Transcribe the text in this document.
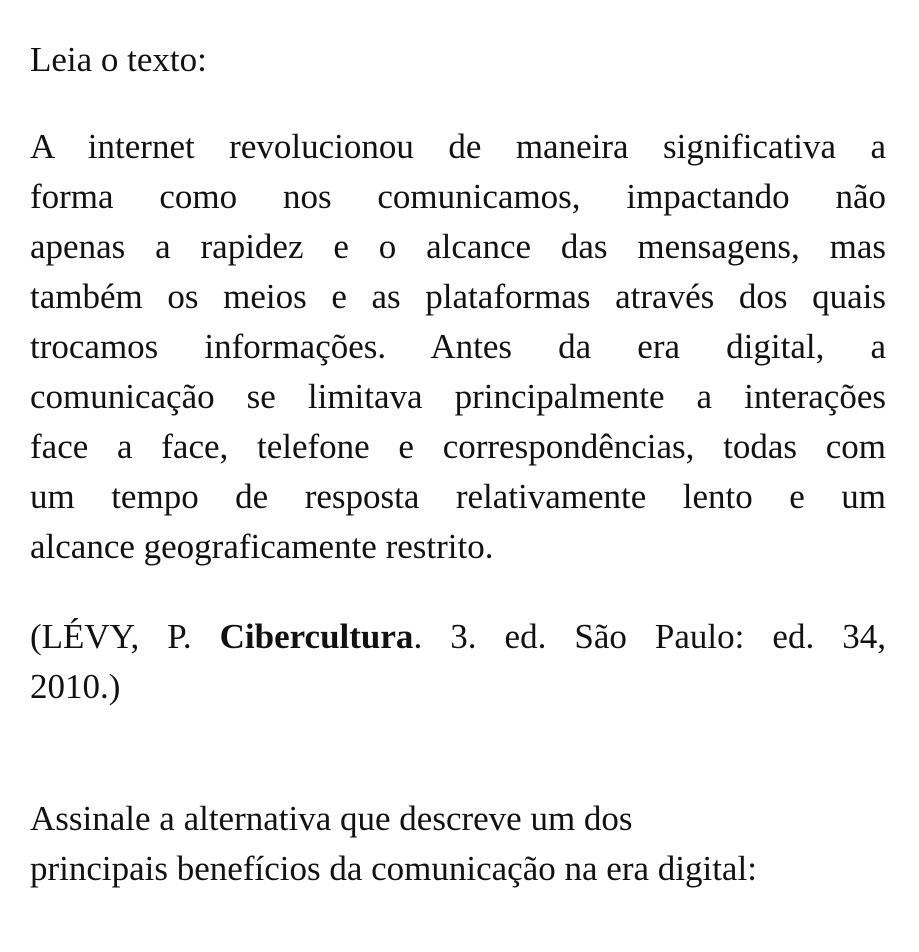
Leia o texto:

A internet revolucionou de maneira significativa a
forma como nos comunicamos, impactando não
apenas a rapidez e o alcance das mensagens, mas
também os meios e as plataformas através dos quais
trocamos informações. Antes da era digital, a
comunicação se limitava principalmente a interações
face a face, telefone e correspondências, todas com
um tempo de resposta relativamente lento e um
alcance geograficamente restrito.
(LÉVY, P. Cibercultura. 3. ed. São Paulo: ed. 34,
2010.)
Assinale a alternativa que descreve um dos
principais benefícios da comunicação na era digital:
